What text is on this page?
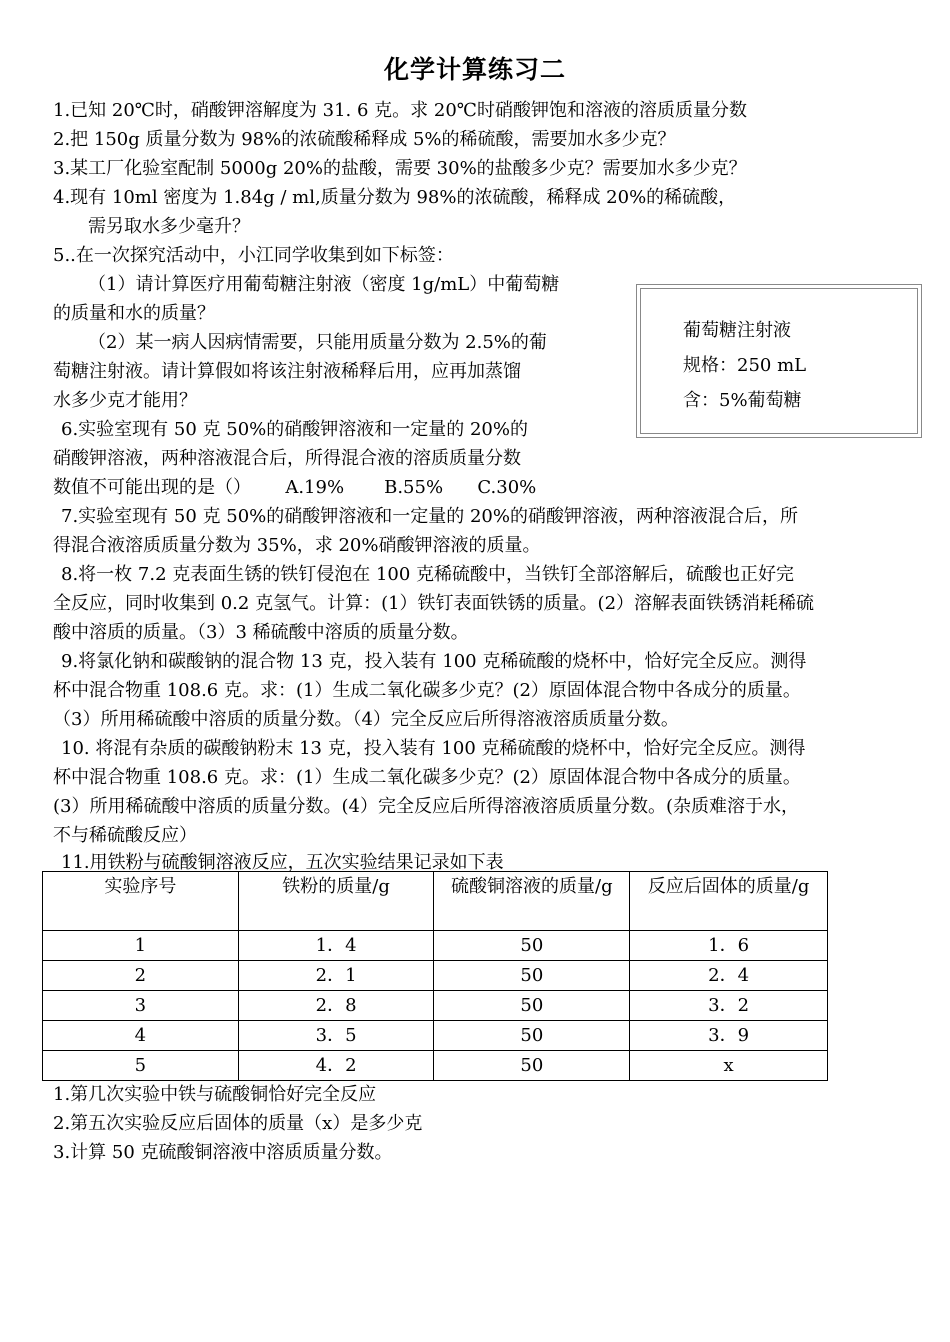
化学计算练习二
1.已知 20℃时，硝酸钾溶解度为 31. 6 克。求 20℃时硝酸钾饱和溶液的溶质质量分数
2.把 150g 质量分数为 98%的浓硫酸稀释成 5%的稀硫酸，需要加水多少克？
3.某工厂化验室配制 5000g 20%的盐酸，需要 30%的盐酸多少克？需要加水多少克？
4.现有 10ml 密度为 1.84g / ml,质量分数为 98%的浓硫酸，稀释成 20%的稀硫酸，
需另取水多少毫升？
5..在一次探究活动中，小江同学收集到如下标签：
（1）请计算医疗用葡萄糖注射液（密度 1g/mL）中葡萄糖
的质量和水的质量？
（2）某一病人因病情需要，只能用质量分数为 2.5%的葡
萄糖注射液。请计算假如将该注射液稀释后用，应再加蒸馏
水多少克才能用？
6.实验室现有 50 克 50%的硝酸钾溶液和一定量的 20%的
硝酸钾溶液，两种溶液混合后，所得混合液的溶质质量分数
数值不可能出现的是（）      A.19%       B.55%      C.30%
7.实验室现有 50 克 50%的硝酸钾溶液和一定量的 20%的硝酸钾溶液，两种溶液混合后，所
得混合液溶质质量分数为 35%，求 20%硝酸钾溶液的质量。
8.将一枚 7.2 克表面生锈的铁钉侵泡在 100 克稀硫酸中，当铁钉全部溶解后，硫酸也正好完
全反应，同时收集到 0.2 克氢气。计算：(1）铁钉表面铁锈的质量。(2）溶解表面铁锈消耗稀硫
酸中溶质的质量。（3）3 稀硫酸中溶质的质量分数。
9.将氯化钠和碳酸钠的混合物 13 克，投入装有 100 克稀硫酸的烧杯中，恰好完全反应。测得
杯中混合物重 108.6 克。求：(1）生成二氧化碳多少克？(2）原固体混合物中各成分的质量。
（3）所用稀硫酸中溶质的质量分数。（4）完全反应后所得溶液溶质质量分数。
10. 将混有杂质的碳酸钠粉末 13 克，投入装有 100 克稀硫酸的烧杯中，恰好完全反应。测得
杯中混合物重 108.6 克。求：(1）生成二氧化碳多少克？(2）原固体混合物中各成分的质量。
(3）所用稀硫酸中溶质的质量分数。(4）完全反应后所得溶液溶质质量分数。(杂质难溶于水，
不与稀硫酸反应）
11.用铁粉与硫酸铜溶液反应，五次实验结果记录如下表
葡萄糖注射液
规格：250 mL
含：5%葡萄糖
实验序号	铁粉的质量/g	硫酸铜溶液的质量/g	反应后固体的质量/g
1	1．4	50	1．6
2	2．1	50	2．4
3	2．8	50	3．2
4	3．5	50	3．9
5	4．2	50	x
1.第几次实验中铁与硫酸铜恰好完全反应
2.第五次实验反应后固体的质量（x）是多少克
3.计算 50 克硫酸铜溶液中溶质质量分数。
